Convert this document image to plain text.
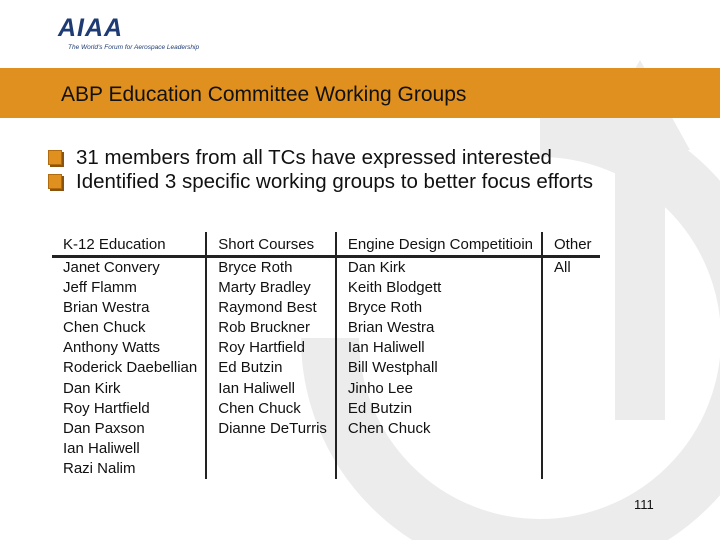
AIAA
The World's Forum for Aerospace Leadership
ABP Education Committee Working Groups
31 members from all TCs have expressed interested
Identified 3 specific working groups to better focus efforts
K-12 Education	Short Courses	Engine Design Competitioin	Other
Janet Convery	Bryce Roth	Dan Kirk	All
Jeff Flamm	Marty Bradley	Keith Blodgett	
Brian Westra	Raymond Best	Bryce Roth	
Chen Chuck	Rob Bruckner	Brian Westra	
Anthony Watts	Roy Hartfield	Ian Haliwell	
Roderick Daebellian	Ed Butzin	Bill Westphall	
Dan Kirk	Ian Haliwell	Jinho Lee	
Roy Hartfield	Chen Chuck	Ed Butzin	
Dan Paxson	Dianne DeTurris	Chen Chuck	
Ian Haliwell			
Razi Nalim			
111
